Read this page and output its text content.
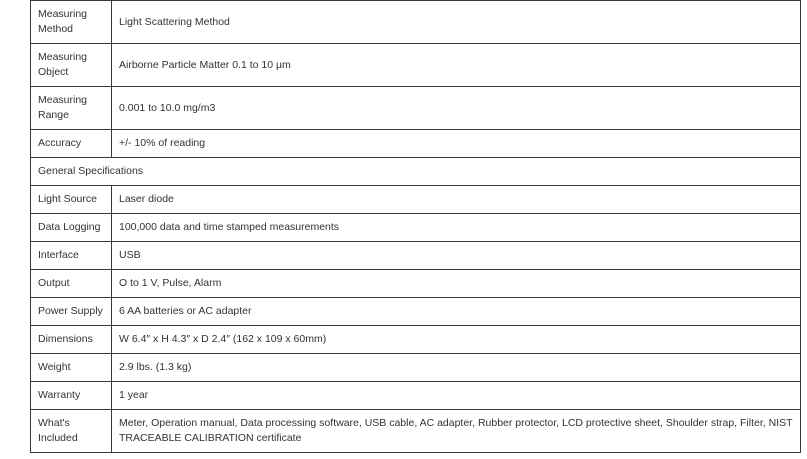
Measuring Method	Light Scattering Method
Measuring Object	Airborne Particle Matter 0.1 to 10 µm
Measuring Range	0.001 to 10.0 mg/m3
Accuracy	+/- 10% of reading
General Specifications	
Light Source	Laser diode
Data Logging	100,000 data and time stamped measurements
Interface	USB
Output	O to 1 V, Pulse, Alarm
Power Supply	6 AA batteries or AC adapter
Dimensions	W 6.4″ x H 4.3″ x D 2.4″ (162 x 109 x 60mm)
Weight	2.9 lbs. (1.3 kg)
Warranty	1 year
What's Included	Meter, Operation manual, Data processing software, USB cable, AC adapter, Rubber protector, LCD protective sheet, Shoulder strap, Filter, NIST TRACEABLE CALIBRATION certificate
